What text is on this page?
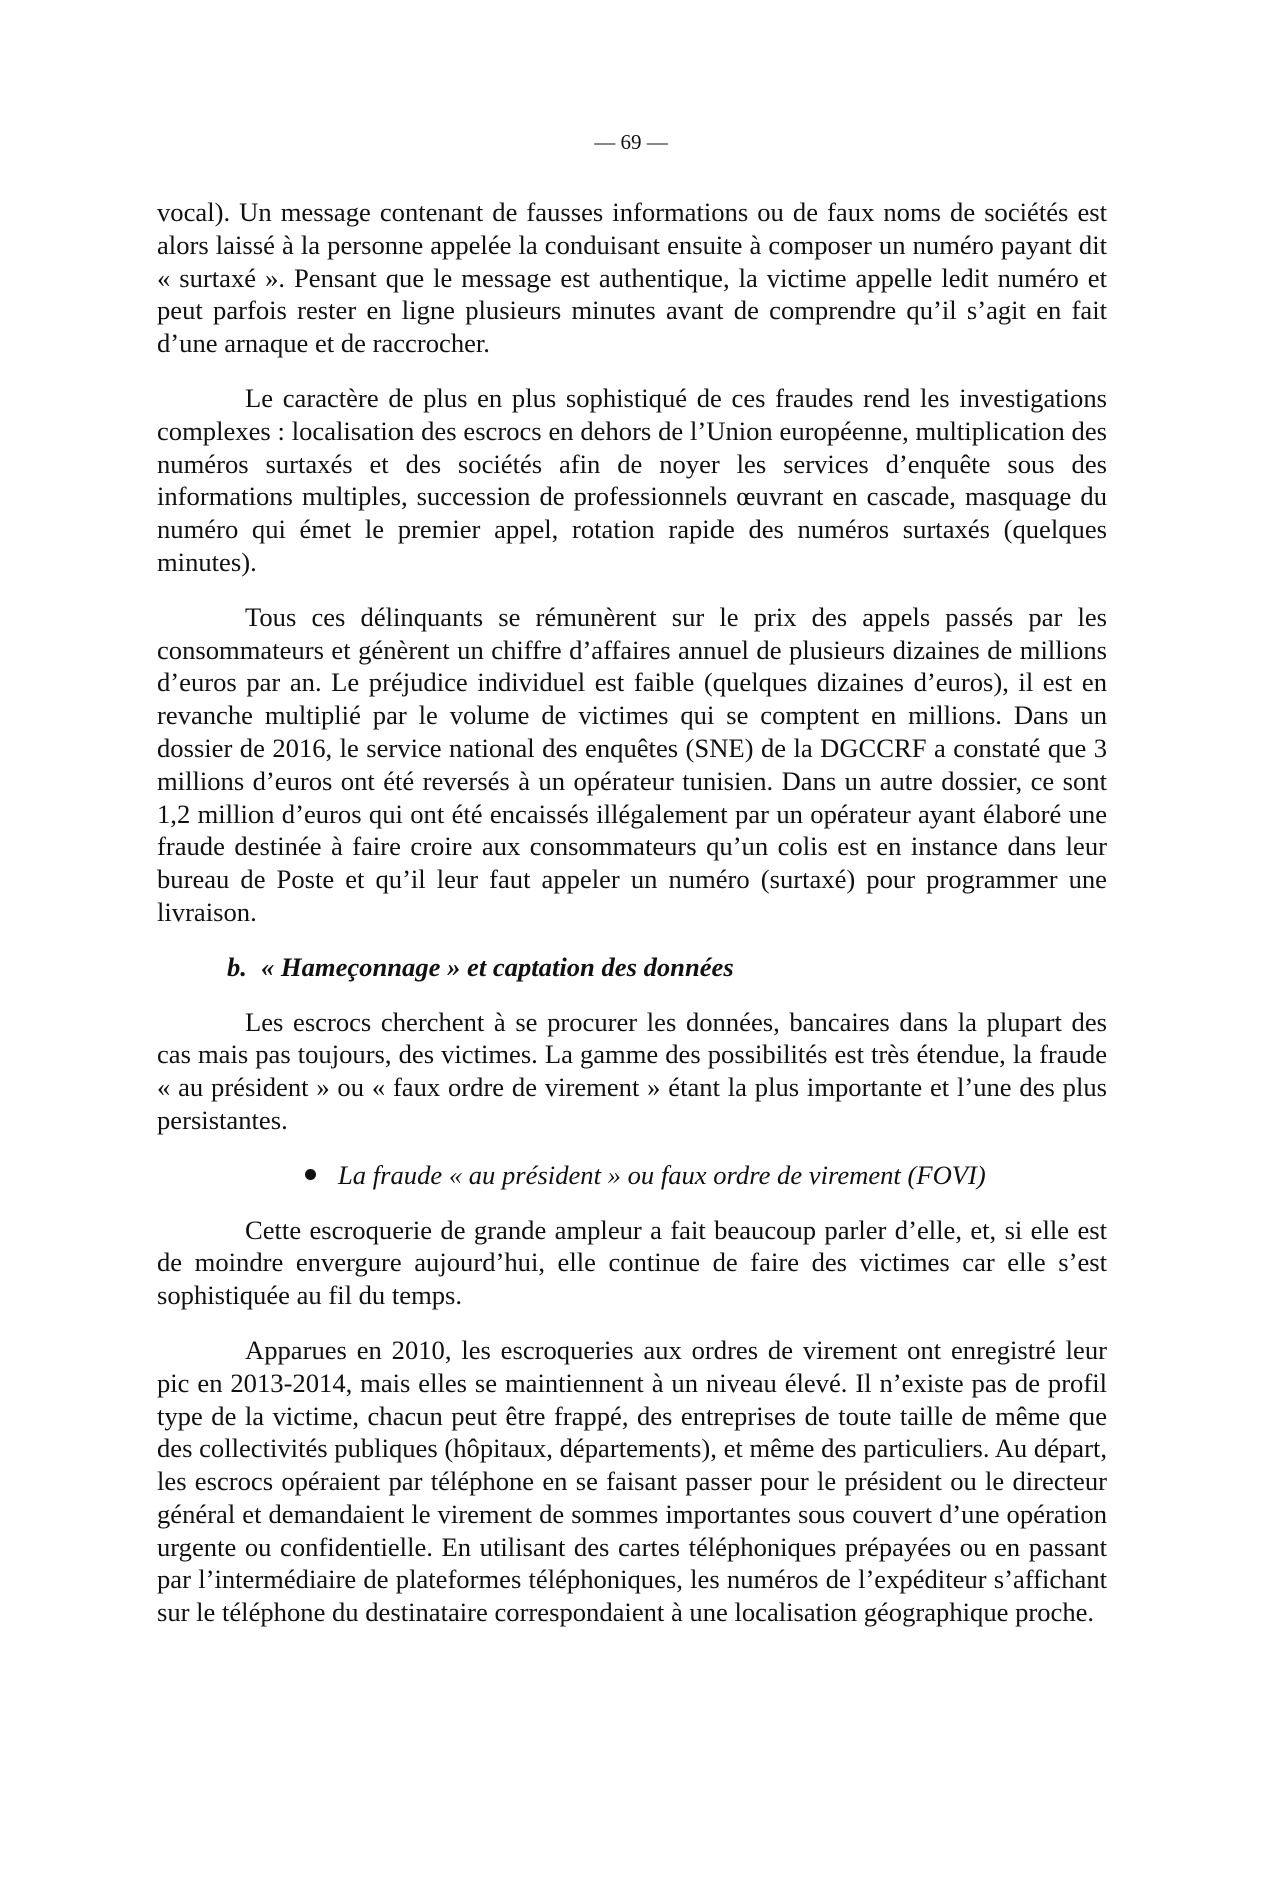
— 69 —

vocal). Un message contenant de fausses informations ou de faux noms de sociétés est alors laissé à la personne appelée la conduisant ensuite à composer un numéro payant dit « surtaxé ». Pensant que le message est authentique, la victime appelle ledit numéro et peut parfois rester en ligne plusieurs minutes avant de comprendre qu’il s’agit en fait d’une arnaque et de raccrocher.

Le caractère de plus en plus sophistiqué de ces fraudes rend les investigations complexes : localisation des escrocs en dehors de l’Union européenne, multiplication des numéros surtaxés et des sociétés afin de noyer les services d’enquête sous des informations multiples, succession de professionnels œuvrant en cascade, masquage du numéro qui émet le premier appel, rotation rapide des numéros surtaxés (quelques minutes).

Tous ces délinquants se rémunèrent sur le prix des appels passés par les consommateurs et génèrent un chiffre d’affaires annuel de plusieurs dizaines de millions d’euros par an. Le préjudice individuel est faible (quelques dizaines d’euros), il est en revanche multiplié par le volume de victimes qui se comptent en millions. Dans un dossier de 2016, le service national des enquêtes (SNE) de la DGCCRF a constaté que 3 millions d’euros ont été reversés à un opérateur tunisien. Dans un autre dossier, ce sont 1,2 million d’euros qui ont été encaissés illégalement par un opérateur ayant élaboré une fraude destinée à faire croire aux consommateurs qu’un colis est en instance dans leur bureau de Poste et qu’il leur faut appeler un numéro (surtaxé) pour programmer une livraison.

b. « Hameçonnage » et captation des données

Les escrocs cherchent à se procurer les données, bancaires dans la plupart des cas mais pas toujours, des victimes. La gamme des possibilités est très étendue, la fraude « au président » ou « faux ordre de virement » étant la plus importante et l’une des plus persistantes.

La fraude « au président » ou faux ordre de virement (FOVI)

Cette escroquerie de grande ampleur a fait beaucoup parler d’elle, et, si elle est de moindre envergure aujourd’hui, elle continue de faire des victimes car elle s’est sophistiquée au fil du temps.

Apparues en 2010, les escroqueries aux ordres de virement ont enregistré leur pic en 2013-2014, mais elles se maintiennent à un niveau élevé. Il n’existe pas de profil type de la victime, chacun peut être frappé, des entreprises de toute taille de même que des collectivités publiques (hôpitaux, départements), et même des particuliers. Au départ, les escrocs opéraient par téléphone en se faisant passer pour le président ou le directeur général et demandaient le virement de sommes importantes sous couvert d’une opération urgente ou confidentielle. En utilisant des cartes téléphoniques prépayées ou en passant par l’intermédiaire de plateformes téléphoniques, les numéros de l’expéditeur s’affichant sur le téléphone du destinataire correspondaient à une localisation géographique proche.
